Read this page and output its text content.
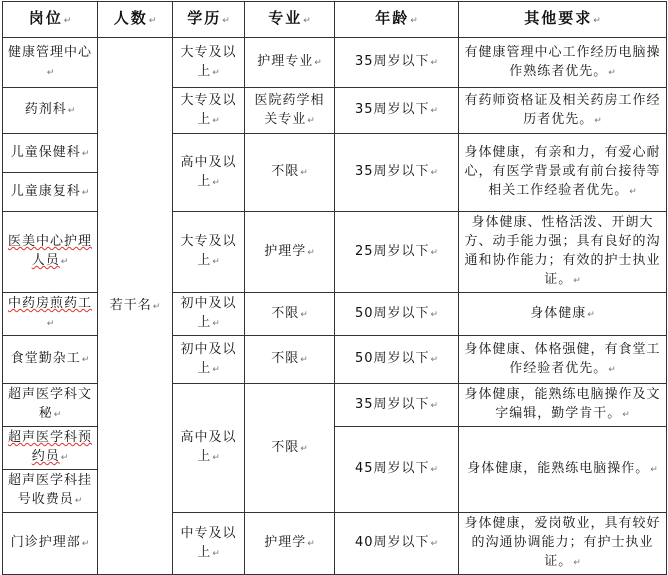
岗位↵	人数↵	学历↵	专业↵	年龄↵	其他要求↵
健康管理中心↵	若干名↵	大专及以上↵	护理专业↵	35周岁以下↵	有健康管理中心工作经历电脑操作熟练者优先。↵
药剂科↵		大专及以上↵	医院药学相关专业↵	35周岁以下↵	有药师资格证及相关药房工作经历者优先。↵
儿童保健科↵		高中及以上↵	不限↵	35周岁以下↵	身体健康，有亲和力，有爱心耐心，有医学背景或有前台接待等相关工作经验者优先。↵
儿童康复科↵					
医美中心护理人员↵		大专及以上↵	护理学↵	25周岁以下↵	身体健康、性格活泼、开朗大方、动手能力强；具有良好的沟通和协作能力；有效的护士执业证。↵
中药房煎药工↵		初中及以上↵	不限↵	50周岁以下↵	身体健康↵
食堂勤杂工↵		初中及以上↵	不限↵	50周岁以下↵	身体健康、体格强健，有食堂工作经验者优先。↵
超声医学科文秘↵		高中及以上↵	不限↵	35周岁以下↵	身体健康，能熟练电脑操作及文字编辑，勤学肯干。↵
超声医学科预约员↵				45周岁以下↵	身体健康，能熟练电脑操作。↵
超声医学科挂号收费员↵					
门诊护理部↵		中专及以上↵	护理学↵	40周岁以下↵	身体健康，爱岗敬业，具有较好的沟通协调能力；有护士执业证。↵
